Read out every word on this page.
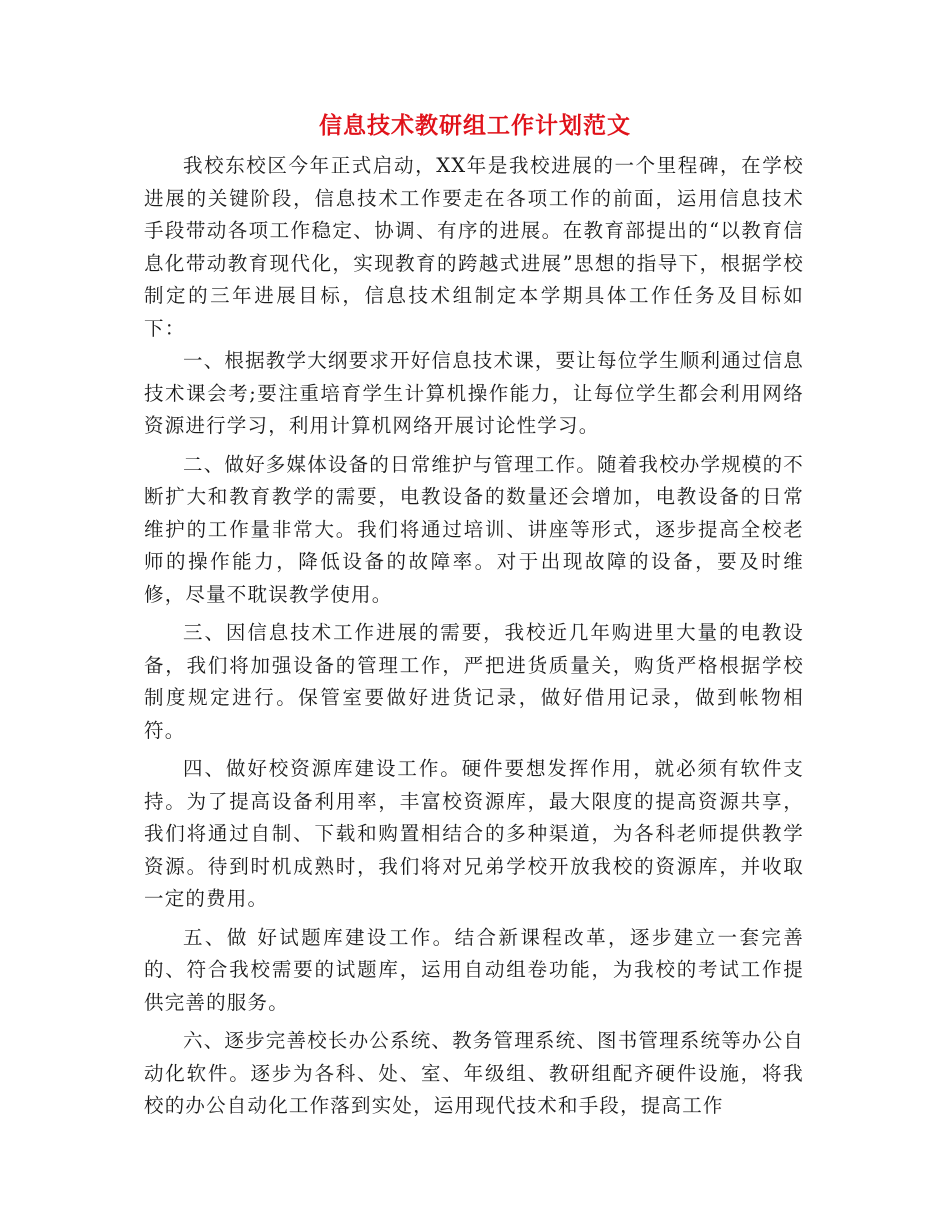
信息技术教研组工作计划范文

我校东校区今年正式启动，XX年是我校进展的一个里程碑，在学校进展的关键阶段，信息技术工作要走在各项工作的前面，运用信息技术手段带动各项工作稳定、协调、有序的进展。在教育部提出的“以教育信息化带动教育现代化，实现教育的跨越式进展”思想的指导下，根据学校制定的三年进展目标，信息技术组制定本学期具体工作任务及目标如下：

一、根据教学大纲要求开好信息技术课，要让每位学生顺利通过信息技术课会考;要注重培育学生计算机操作能力，让每位学生都会利用网络资源进行学习，利用计算机网络开展讨论性学习。

二、做好多媒体设备的日常维护与管理工作。随着我校办学规模的不断扩大和教育教学的需要，电教设备的数量还会增加，电教设备的日常维护的工作量非常大。我们将通过培训、讲座等形式，逐步提高全校老师的操作能力，降低设备的故障率。对于出现故障的设备，要及时维修，尽量不耽误教学使用。

三、因信息技术工作进展的需要，我校近几年购进里大量的电教设备，我们将加强设备的管理工作，严把进货质量关，购货严格根据学校制度规定进行。保管室要做好进货记录，做好借用记录，做到帐物相符。

四、做好校资源库建设工作。硬件要想发挥作用，就必须有软件支持。为了提高设备利用率，丰富校资源库，最大限度的提高资源共享，我们将通过自制、下载和购置相结合的多种渠道，为各科老师提供教学资源。待到时机成熟时，我们将对兄弟学校开放我校的资源库，并收取一定的费用。

五、做 好试题库建设工作。结合新课程改革，逐步建立一套完善的、符合我校需要的试题库，运用自动组卷功能，为我校的考试工作提供完善的服务。

六、逐步完善校长办公系统、教务管理系统、图书管理系统等办公自动化软件。逐步为各科、处、室、年级组、教研组配齐硬件设施，将我校的办公自动化工作落到实处，运用现代技术和手段，提高工作
